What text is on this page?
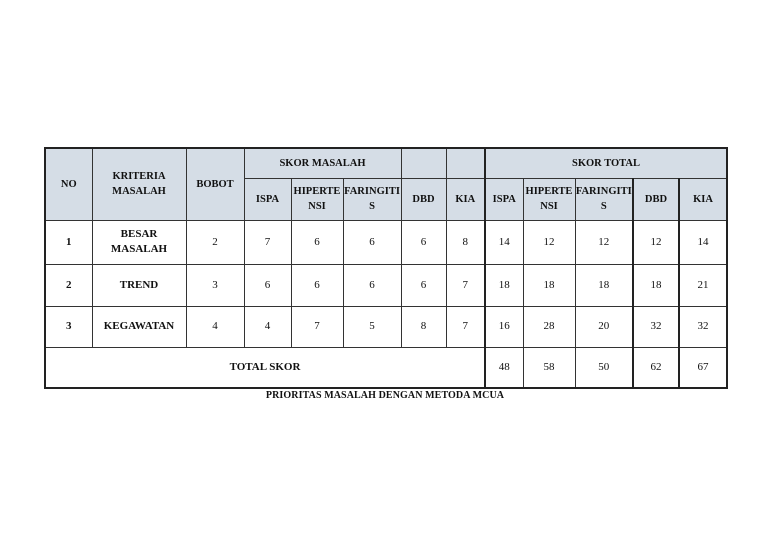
NO	KRITERIA MASALAH	BOBOT	SKOR MASALAH					SKOR TOTAL				
			ISPA	HIPERTE NSI	FARINGITI S	DBD	KIA	ISPA	HIPERTE NSI	FARINGITI S	DBD	KIA
1	BESAR MASALAH	2	7	6	6	6	8	14	12	12	12	14
2	TREND	3	6	6	6	6	7	18	18	18	18	21
3	KEGAWATAN	4	4	7	5	8	7	16	28	20	32	32
TOTAL SKOR								48	58	50	62	67
PRIORITAS MASALAH DENGAN METODA MCUA
